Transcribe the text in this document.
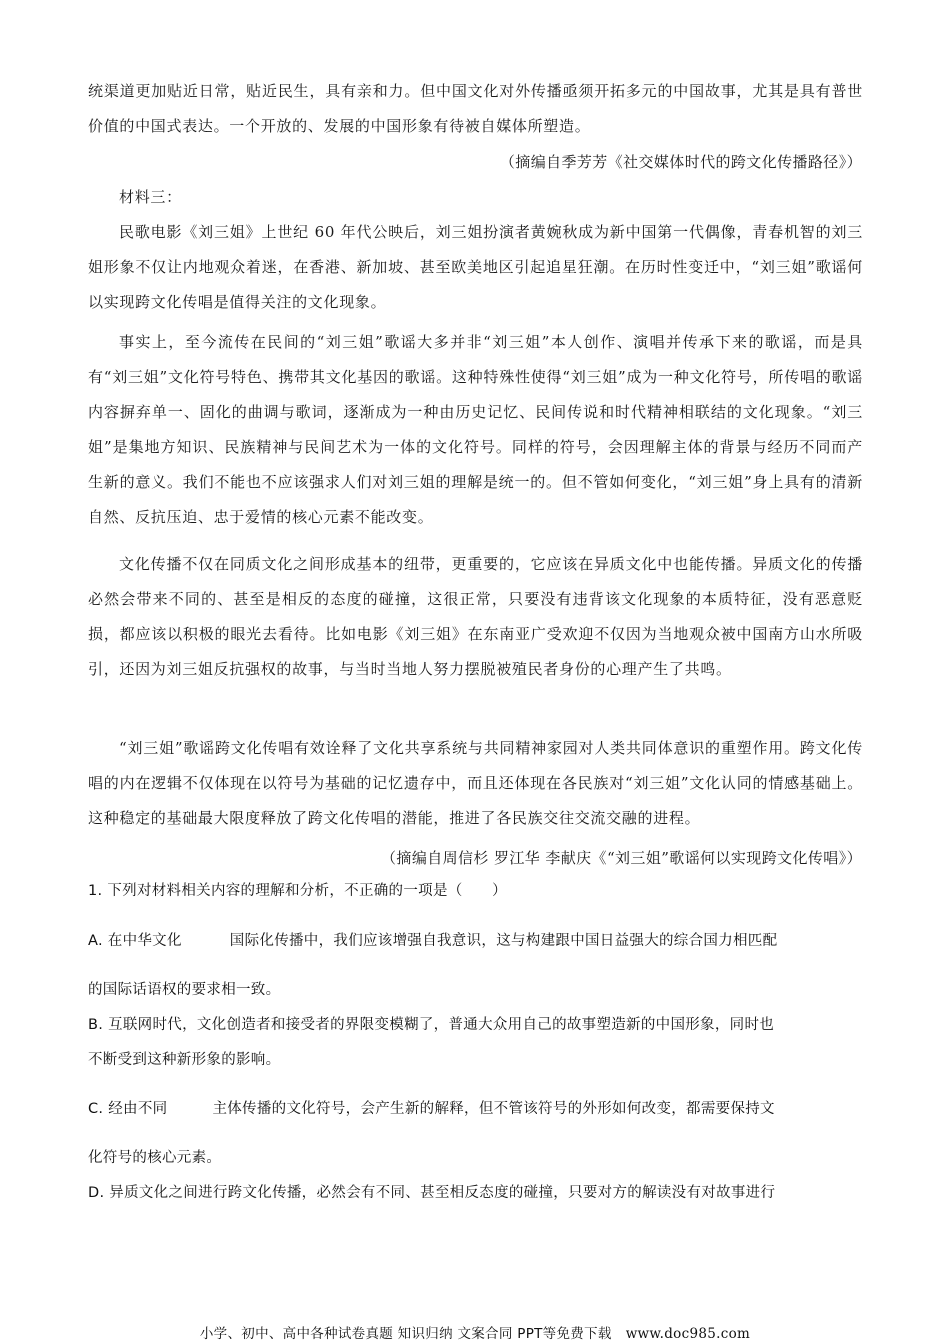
统渠道更加贴近日常，贴近民生，具有亲和力。但中国文化对外传播亟须开拓多元的中国故事，尤其是具有普世价值的中国式表达。一个开放的、发展的中国形象有待被自媒体所塑造。

（摘编自季芳芳《社交媒体时代的跨文化传播路径》）

材料三：

民歌电影《刘三姐》上世纪 60 年代公映后，刘三姐扮演者黄婉秋成为新中国第一代偶像，青春机智的刘三姐形象不仅让内地观众着迷，在香港、新加坡、甚至欧美地区引起追星狂潮。在历时性变迁中，“刘三姐”歌谣何以实现跨文化传唱是值得关注的文化现象。

事实上，至今流传在民间的“刘三姐”歌谣大多并非“刘三姐”本人创作、演唱并传承下来的歌谣，而是具有“刘三姐”文化符号特色、携带其文化基因的歌谣。这种特殊性使得“刘三姐”成为一种文化符号，所传唱的歌谣内容摒弃单一、固化的曲调与歌词，逐渐成为一种由历史记忆、民间传说和时代精神相联结的文化现象。“刘三姐”是集地方知识、民族精神与民间艺术为一体的文化符号。同样的符号，会因理解主体的背景与经历不同而产生新的意义。我们不能也不应该强求人们对刘三姐的理解是统一的。但不管如何变化，“刘三姐”身上具有的清新自然、反抗压迫、忠于爱情的核心元素不能改变。

文化传播不仅在同质文化之间形成基本的纽带，更重要的，它应该在异质文化中也能传播。异质文化的传播必然会带来不同的、甚至是相反的态度的碰撞，这很正常，只要没有违背该文化现象的本质特征，没有恶意贬损，都应该以积极的眼光去看待。比如电影《刘三姐》在东南亚广受欢迎不仅因为当地观众被中国南方山水所吸引，还因为刘三姐反抗强权的故事，与当时当地人努力摆脱被殖民者身份的心理产生了共鸣。

“刘三姐”歌谣跨文化传唱有效诠释了文化共享系统与共同精神家园对人类共同体意识的重塑作用。跨文化传唱的内在逻辑不仅体现在以符号为基础的记忆遗存中，而且还体现在各民族对“刘三姐”文化认同的情感基础上。这种稳定的基础最大限度释放了跨文化传唱的潜能，推进了各民族交往交流交融的进程。

（摘编自周信杉 罗江华 李献庆《“刘三姐”歌谣何以实现跨文化传唱》）

1. 下列对材料相关内容的理解和分析，不正确的一项是（　　）

A. 在中华文化	国际化传播中，我们应该增强自我意识，这与构建跟中国日益强大的综合国力相匹配

的国际话语权的要求相一致。

B. 互联网时代，文化创造者和接受者的界限变模糊了，普通大众用自己的故事塑造新的中国形象，同时也

不断受到这种新形象的影响。

C. 经由不同	主体传播的文化符号，会产生新的解释，但不管该符号的外形如何改变，都需要保持文

化符号的核心元素。

D. 异质文化之间进行跨文化传播，必然会有不同、甚至相反态度的碰撞，只要对方的解读没有对故事进行

小学、初中、高中各种试卷真题 知识归纳 文案合同 PPT等免费下载 www.doc985.com
